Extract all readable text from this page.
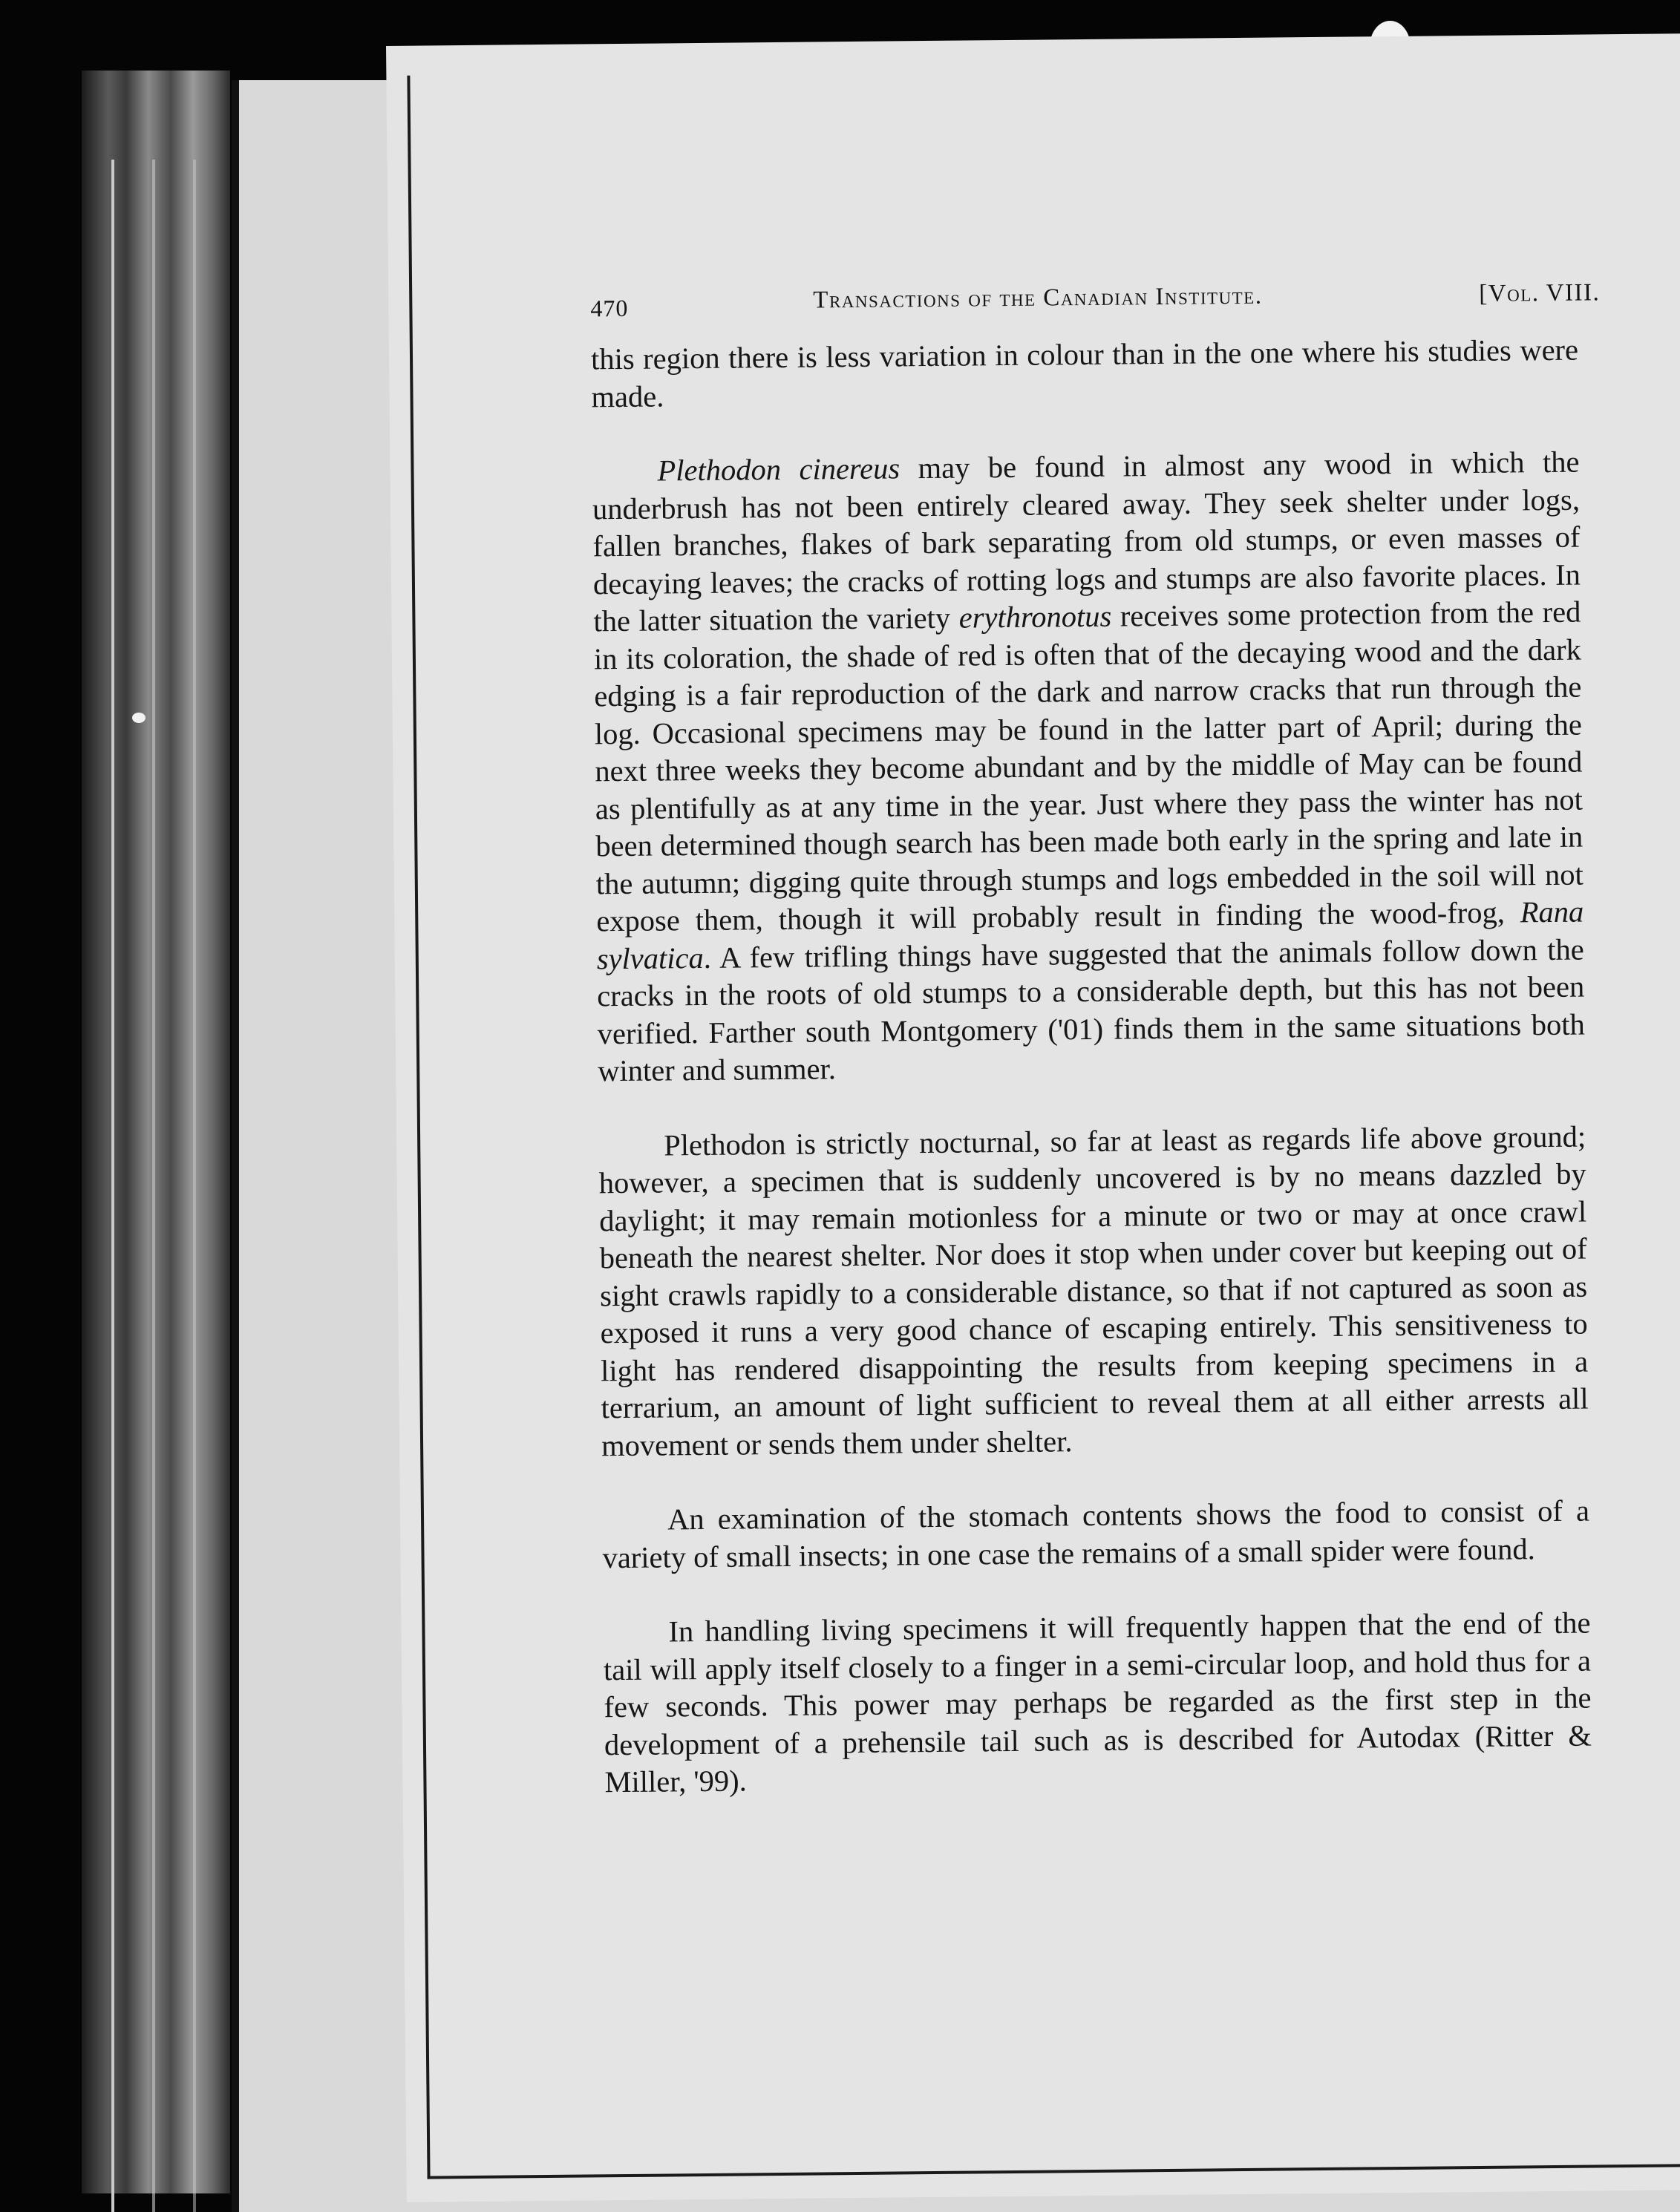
470	Transactions of the Canadian Institute.	[Vol. VIII.

this region there is less variation in colour than in the one where his studies were made.

Plethodon cinereus may be found in almost any wood in which the underbrush has not been entirely cleared away. They seek shelter under logs, fallen branches, flakes of bark separating from old stumps, or even masses of decaying leaves; the cracks of rotting logs and stumps are also favorite places. In the latter situation the variety erythronotus receives some protection from the red in its coloration, the shade of red is often that of the decaying wood and the dark edging is a fair reproduction of the dark and narrow cracks that run through the log. Occasional specimens may be found in the latter part of April; during the next three weeks they become abundant and by the middle of May can be found as plentifully as at any time in the year. Just where they pass the winter has not been determined though search has been made both early in the spring and late in the autumn; digging quite through stumps and logs embedded in the soil will not expose them, though it will probably result in finding the wood-frog, Rana sylvatica. A few trifling things have suggested that the animals follow down the cracks in the roots of old stumps to a considerable depth, but this has not been verified. Farther south Montgomery ('01) finds them in the same situations both winter and summer.

Plethodon is strictly nocturnal, so far at least as regards life above ground; however, a specimen that is suddenly uncovered is by no means dazzled by daylight; it may remain motionless for a minute or two or may at once crawl beneath the nearest shelter. Nor does it stop when under cover but keeping out of sight crawls rapidly to a considerable distance, so that if not captured as soon as exposed it runs a very good chance of escaping entirely. This sensitiveness to light has rendered disappointing the results from keeping specimens in a terrarium, an amount of light sufficient to reveal them at all either arrests all movement or sends them under shelter.

An examination of the stomach contents shows the food to consist of a variety of small insects; in one case the remains of a small spider were found.

In handling living specimens it will frequently happen that the end of the tail will apply itself closely to a finger in a semi-circular loop, and hold thus for a few seconds. This power may perhaps be regarded as the first step in the development of a prehensile tail such as is described for Autodax (Ritter & Miller, '99).
